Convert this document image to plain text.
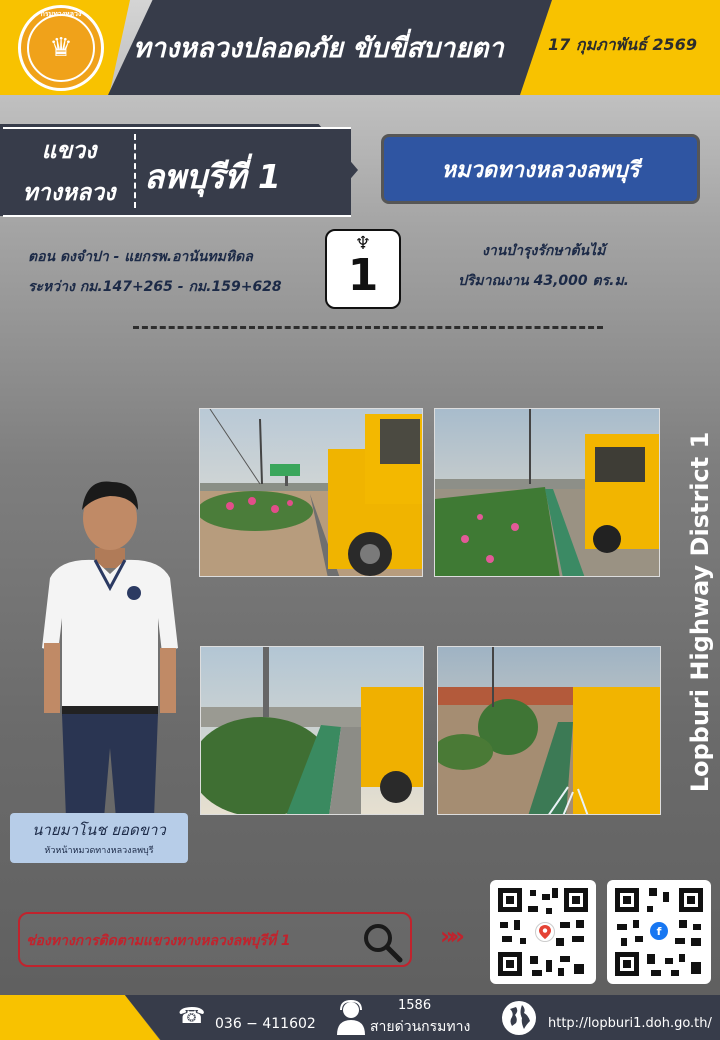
♛
กรมทางหลวง
ทางหลวงปลอดภัย ขับขี่สบายตา	17 กุมภาพันธ์ 2569
แขวง
ทางหลวง ลพบุรีที่ 1	หมวดทางหลวงลพบุรี
ตอน ดงจำปา - แยกรพ.อานันทมหิดล
ระหว่าง กม.147+265 - กม.159+628
♆
1	งานบำรุงรักษาต้นไม้
ปริมาณงาน 43,000 ตร.ม.
Lopburi Highway District 1
นายมาโนช ยอดขาว
หัวหน้าหมวดทางหลวงลพบุรี
ช่องทางการติดตามแขวงทางหลวงลพบุรีที่ 1	»»	f
☎ 036 − 411602
1586
สายด่วนกรมทาง	http://lopburi1.doh.go.th/
